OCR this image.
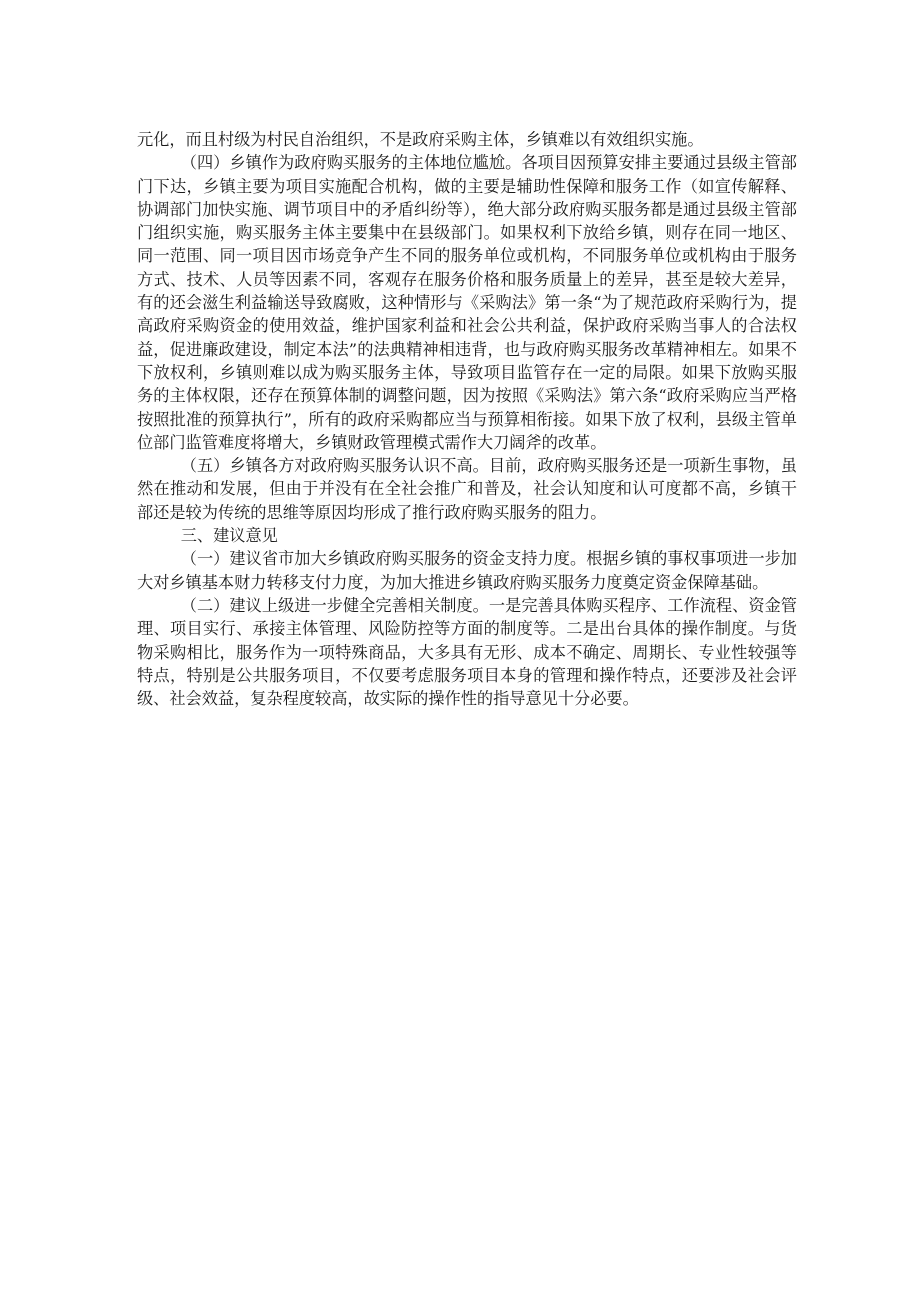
元化，而且村级为村民自治组织，不是政府采购主体，乡镇难以有效组织实施。

（四）乡镇作为政府购买服务的主体地位尴尬。各项目因预算安排主要通过县级主管部门下达，乡镇主要为项目实施配合机构，做的主要是辅助性保障和服务工作（如宣传解释、协调部门加快实施、调节项目中的矛盾纠纷等），绝大部分政府购买服务都是通过县级主管部门组织实施，购买服务主体主要集中在县级部门。如果权利下放给乡镇，则存在同一地区、同一范围、同一项目因市场竞争产生不同的服务单位或机构，不同服务单位或机构由于服务方式、技术、人员等因素不同，客观存在服务价格和服务质量上的差异，甚至是较大差异，有的还会滋生利益输送导致腐败，这种情形与《采购法》第一条“为了规范政府采购行为，提高政府采购资金的使用效益，维护国家利益和社会公共利益，保护政府采购当事人的合法权益，促进廉政建设，制定本法”的法典精神相违背，也与政府购买服务改革精神相左。如果不下放权利，乡镇则难以成为购买服务主体，导致项目监管存在一定的局限。如果下放购买服务的主体权限，还存在预算体制的调整问题，因为按照《采购法》第六条“政府采购应当严格按照批准的预算执行”，所有的政府采购都应当与预算相衔接。如果下放了权利，县级主管单位部门监管难度将增大，乡镇财政管理模式需作大刀阔斧的改革。

（五）乡镇各方对政府购买服务认识不高。目前，政府购买服务还是一项新生事物，虽然在推动和发展，但由于并没有在全社会推广和普及，社会认知度和认可度都不高，乡镇干部还是较为传统的思维等原因均形成了推行政府购买服务的阻力。

三、建议意见

（一）建议省市加大乡镇政府购买服务的资金支持力度。根据乡镇的事权事项进一步加大对乡镇基本财力转移支付力度，为加大推进乡镇政府购买服务力度奠定资金保障基础。

（二）建议上级进一步健全完善相关制度。一是完善具体购买程序、工作流程、资金管理、项目实行、承接主体管理、风险防控等方面的制度等。二是出台具体的操作制度。与货物采购相比，服务作为一项特殊商品，大多具有无形、成本不确定、周期长、专业性较强等特点，特别是公共服务项目，不仅要考虑服务项目本身的管理和操作特点，还要涉及社会评级、社会效益，复杂程度较高，故实际的操作性的指导意见十分必要。
